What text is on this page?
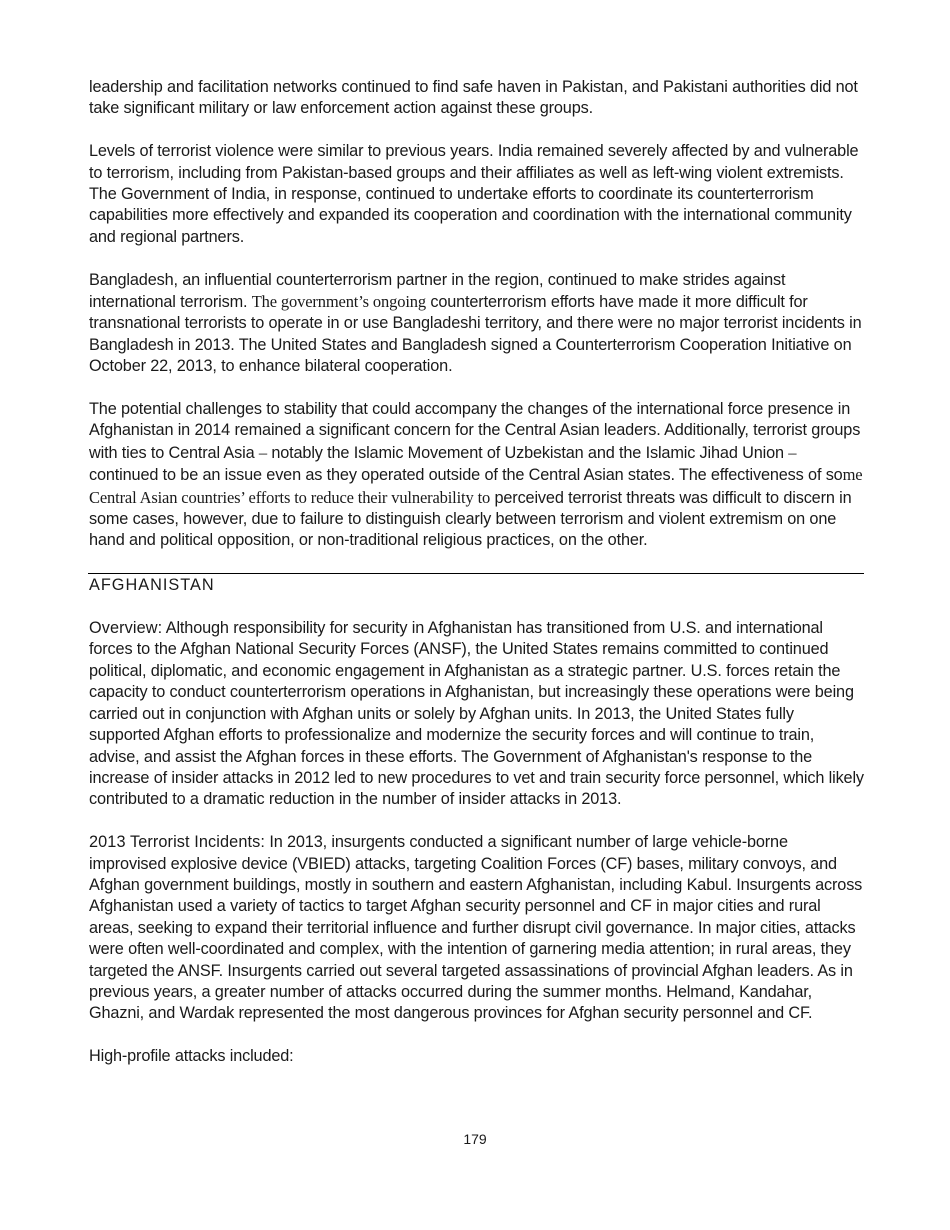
leadership and facilitation networks continued to find safe haven in Pakistan, and Pakistani authorities did not take significant military or law enforcement action against these groups.

Levels of terrorist violence were similar to previous years. India remained severely affected by and vulnerable to terrorism, including from Pakistan-based groups and their affiliates as well as left-wing violent extremists. The Government of India, in response, continued to undertake efforts to coordinate its counterterrorism capabilities more effectively and expanded its cooperation and coordination with the international community and regional partners.

Bangladesh, an influential counterterrorism partner in the region, continued to make strides against international terrorism. The government’s ongoing counterterrorism efforts have made it more difficult for transnational terrorists to operate in or use Bangladeshi territory, and there were no major terrorist incidents in Bangladesh in 2013. The United States and Bangladesh signed a Counterterrorism Cooperation Initiative on October 22, 2013, to enhance bilateral cooperation.

The potential challenges to stability that could accompany the changes of the international force presence in Afghanistan in 2014 remained a significant concern for the Central Asian leaders. Additionally, terrorist groups with ties to Central Asia – notably the Islamic Movement of Uzbekistan and the Islamic Jihad Union – continued to be an issue even as they operated outside of the Central Asian states. The effectiveness of some Central Asian countries’ efforts to reduce their vulnerability to perceived terrorist threats was difficult to discern in some cases, however, due to failure to distinguish clearly between terrorism and violent extremism on one hand and political opposition, or non-traditional religious practices, on the other.

AFGHANISTAN

Overview: Although responsibility for security in Afghanistan has transitioned from U.S. and international forces to the Afghan National Security Forces (ANSF), the United States remains committed to continued political, diplomatic, and economic engagement in Afghanistan as a strategic partner. U.S. forces retain the capacity to conduct counterterrorism operations in Afghanistan, but increasingly these operations were being carried out in conjunction with Afghan units or solely by Afghan units. In 2013, the United States fully supported Afghan efforts to professionalize and modernize the security forces and will continue to train, advise, and assist the Afghan forces in these efforts. The Government of Afghanistan's response to the increase of insider attacks in 2012 led to new procedures to vet and train security force personnel, which likely contributed to a dramatic reduction in the number of insider attacks in 2013.

2013 Terrorist Incidents: In 2013, insurgents conducted a significant number of large vehicle-borne improvised explosive device (VBIED) attacks, targeting Coalition Forces (CF) bases, military convoys, and Afghan government buildings, mostly in southern and eastern Afghanistan, including Kabul. Insurgents across Afghanistan used a variety of tactics to target Afghan security personnel and CF in major cities and rural areas, seeking to expand their territorial influence and further disrupt civil governance. In major cities, attacks were often well-coordinated and complex, with the intention of garnering media attention; in rural areas, they targeted the ANSF. Insurgents carried out several targeted assassinations of provincial Afghan leaders. As in previous years, a greater number of attacks occurred during the summer months. Helmand, Kandahar, Ghazni, and Wardak represented the most dangerous provinces for Afghan security personnel and CF.

High-profile attacks included:

179
